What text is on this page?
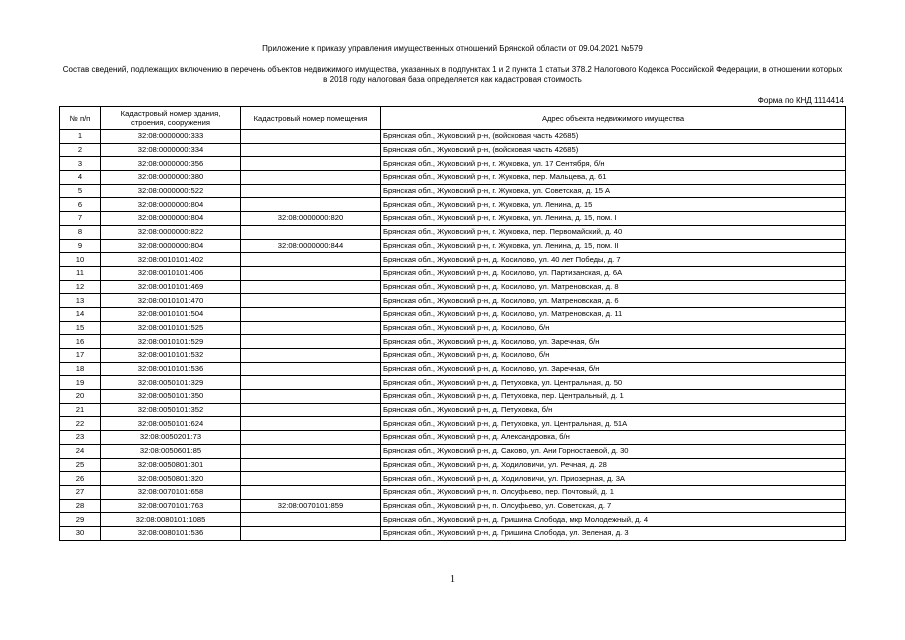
Приложение к приказу управления имущественных отношений Брянской области от 09.04.2021 №579
Состав сведений, подлежащих включению в перечень объектов недвижимого имущества, указанных в подпунктах 1 и 2 пункта 1 статьи 378.2 Налогового Кодекса Российской Федерации, в отношении которых в 2018 году налоговая база определяется как кадастровая стоимость
Форма по КНД 1114414
№ п/п	Кадастровый номер здания, строения, сооружения	Кадастровый номер помещения	Адрес объекта недвижимого имущества
1	32:08:0000000:333		Брянская обл., Жуковский р-н, (войсковая часть 42685)
2	32:08:0000000:334		Брянская обл., Жуковский р-н, (войсковая часть 42685)
3	32:08:0000000:356		Брянская обл., Жуковский р-н, г. Жуковка, ул. 17 Сентября, б/н
4	32:08:0000000:380		Брянская обл., Жуковский р-н, г. Жуковка, пер. Мальцева, д. 61
5	32:08:0000000:522		Брянская обл., Жуковский р-н, г. Жуковка, ул. Советская, д. 15 А
6	32:08:0000000:804		Брянская обл., Жуковский р-н, г. Жуковка, ул. Ленина, д. 15
7	32:08:0000000:804	32:08:0000000:820	Брянская обл., Жуковский р-н, г. Жуковка, ул. Ленина, д. 15, пом. I
8	32:08:0000000:822		Брянская обл., Жуковский р-н, г. Жуковка, пер. Первомайский, д. 40
9	32:08:0000000:804	32:08:0000000:844	Брянская обл., Жуковский р-н, г. Жуковка, ул. Ленина, д. 15, пом. II
10	32:08:0010101:402		Брянская обл., Жуковский р-н, д. Косилово, ул. 40 лет Победы, д. 7
11	32:08:0010101:406		Брянская обл., Жуковский р-н, д. Косилово, ул. Партизанская, д. 6А
12	32:08:0010101:469		Брянская обл., Жуковский р-н, д. Косилово, ул. Матреновская, д. 8
13	32:08:0010101:470		Брянская обл., Жуковский р-н, д. Косилово, ул. Матреновская, д. 6
14	32:08:0010101:504		Брянская обл., Жуковский р-н, д. Косилово, ул. Матреновская, д. 11
15	32:08:0010101:525		Брянская обл., Жуковский р-н, д. Косилово, б/н
16	32:08:0010101:529		Брянская обл., Жуковский р-н, д. Косилово, ул. Заречная, б/н
17	32:08:0010101:532		Брянская обл., Жуковский р-н, д. Косилово, б/н
18	32:08:0010101:536		Брянская обл., Жуковский р-н, д. Косилово, ул. Заречная, б/н
19	32:08:0050101:329		Брянская обл., Жуковский р-н, д. Петуховка, ул. Центральная, д. 50
20	32:08:0050101:350		Брянская обл., Жуковский р-н, д. Петуховка, пер. Центральный, д. 1
21	32:08:0050101:352		Брянская обл., Жуковский р-н, д. Петуховка, б/н
22	32:08:0050101:624		Брянская обл., Жуковский р-н, д. Петуховка, ул. Центральная, д. 51А
23	32:08:0050201:73		Брянская обл., Жуковский р-н, д. Александровка, б/н
24	32:08:0050601:85		Брянская обл., Жуковский р-н, д. Саково, ул. Ани Горностаевой, д. 30
25	32:08:0050801:301		Брянская обл., Жуковский р-н, д. Ходиловичи, ул. Речная, д. 28
26	32:08:0050801:320		Брянская обл., Жуковский р-н, д. Ходиловичи, ул. Приозерная, д. 3А
27	32:08:0070101:658		Брянская обл., Жуковский р-н, п. Олсуфьево, пер. Почтовый, д. 1
28	32:08:0070101:763	32:08:0070101:859	Брянская обл., Жуковский р-н, п. Олсуфьево, ул. Советская, д. 7
29	32:08:0080101:1085		Брянская обл., Жуковский р-н, д. Гришина Слобода, мкр Молодежный, д. 4
30	32:08:0080101:536		Брянская обл., Жуковский р-н, д. Гришина Слобода, ул. Зеленая, д. 3
1
